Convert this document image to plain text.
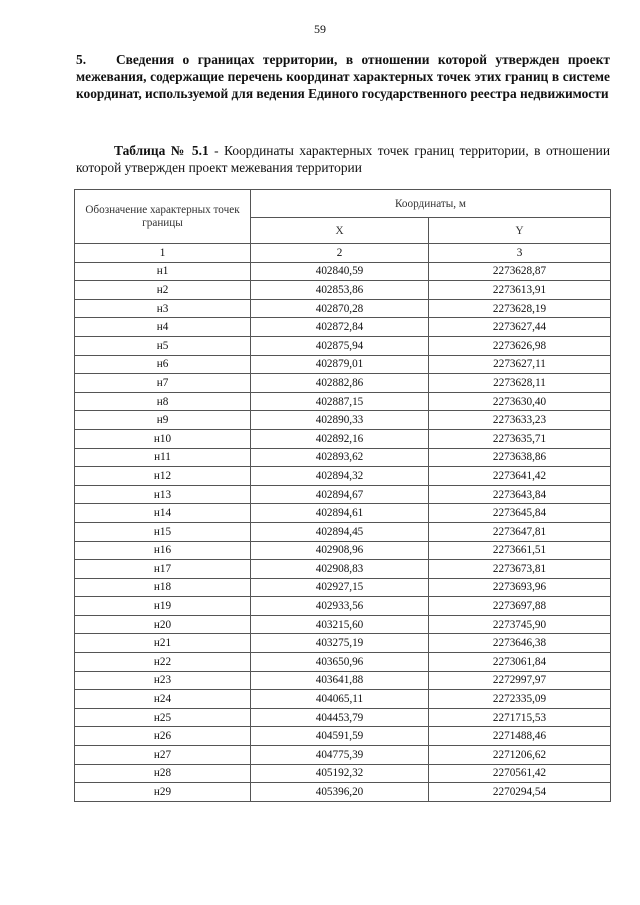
59

5. Сведения о границах территории, в отношении которой утвержден проект межевания, содержащие перечень координат характерных точек этих границ в системе координат, используемой для ведения Единого государственного реестра недвижимости

Таблица № 5.1 - Координаты характерных точек границ территории, в отношении которой утвержден проект межевания территории

Обозначение характерных точек границы	Координаты, м	
	X	Y
1	2	3
н1	402840,59	2273628,87
н2	402853,86	2273613,91
н3	402870,28	2273628,19
н4	402872,84	2273627,44
н5	402875,94	2273626,98
н6	402879,01	2273627,11
н7	402882,86	2273628,11
н8	402887,15	2273630,40
н9	402890,33	2273633,23
н10	402892,16	2273635,71
н11	402893,62	2273638,86
н12	402894,32	2273641,42
н13	402894,67	2273643,84
н14	402894,61	2273645,84
н15	402894,45	2273647,81
н16	402908,96	2273661,51
н17	402908,83	2273673,81
н18	402927,15	2273693,96
н19	402933,56	2273697,88
н20	403215,60	2273745,90
н21	403275,19	2273646,38
н22	403650,96	2273061,84
н23	403641,88	2272997,97
н24	404065,11	2272335,09
н25	404453,79	2271715,53
н26	404591,59	2271488,46
н27	404775,39	2271206,62
н28	405192,32	2270561,42
н29	405396,20	2270294,54
